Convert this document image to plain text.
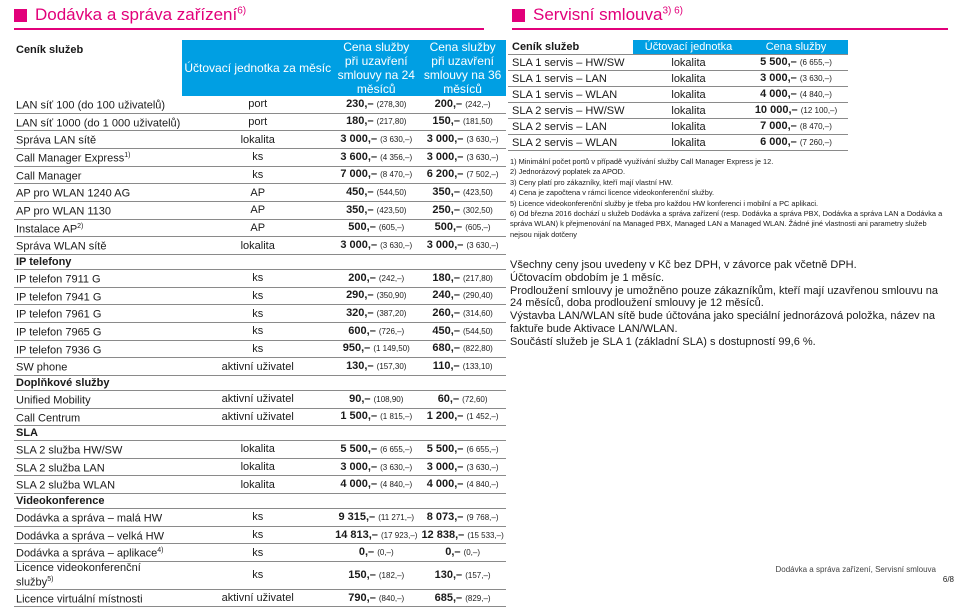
Dodávka a správa zařízení$^{6)}$	Servisní smlouva$^{3) 6)}$
Ceník služeb	Účtovací jednotka za měsíc	Cena služby při uzavření smlouvy na 24 měsíců	Cena služby při uzavření smlouvy na 36 měsíců
LAN síť 100 (do 100 uživatelů)	port	230,– (278,30)	200,– (242,–)
LAN síť 1000 (do 1 000 uživatelů)	port	180,– (217,80)	150,– (181,50)
Správa LAN sítě	lokalita	3 000,– (3 630,–)	3 000,– (3 630,–)
Call Manager Express$^{1)}$	ks	3 600,– (4 356,–)	3 000,– (3 630,–)
Call Manager	ks	7 000,– (8 470,–)	6 200,– (7 502,–)
AP pro WLAN 1240 AG	AP	450,– (544,50)	350,– (423,50)
AP pro WLAN 1130	AP	350,– (423,50)	250,– (302,50)
Instalace AP$^{2)}$	AP	500,– (605,–)	500,– (605,–)
Správa WLAN sítě	lokalita	3 000,– (3 630,–)	3 000,– (3 630,–)
IP telefony			
IP telefon 7911 G	ks	200,– (242,–)	180,– (217,80)
IP telefon 7941 G	ks	290,– (350,90)	240,– (290,40)
IP telefon 7961 G	ks	320,– (387,20)	260,– (314,60)
IP telefon 7965 G	ks	600,– (726,–)	450,– (544,50)
IP telefon 7936 G	ks	950,– (1 149,50)	680,– (822,80)
SW phone	aktivní uživatel	130,– (157,30)	110,– (133,10)
Doplňkové služby			
Unified Mobility	aktivní uživatel	90,– (108,90)	60,– (72,60)
Call Centrum	aktivní uživatel	1 500,– (1 815,–)	1 200,– (1 452,–)
SLA			
SLA 2 služba HW/SW	lokalita	5 500,– (6 655,–)	5 500,– (6 655,–)
SLA 2 služba LAN	lokalita	3 000,– (3 630,–)	3 000,– (3 630,–)
SLA 2 služba WLAN	lokalita	4 000,– (4 840,–)	4 000,– (4 840,–)
Videokonference			
Dodávka a správa – malá HW	ks	9 315,– (11 271,–)	8 073,– (9 768,–)
Dodávka a správa – velká HW	ks	14 813,– (17 923,–)	12 838,– (15 533,–)
Dodávka a správa – aplikace$^{4)}$	ks	0,– (0,–)	0,– (0,–)
Licence videokonferenční služby$^{5)}$	ks	150,– (182,–)	130,– (157,–)
Licence virtuální místnosti	aktivní uživatel	790,– (840,–)	685,– (829,–)
Ceník služeb	Účtovací jednotka	Cena služby
SLA 1 servis – HW/SW	lokalita	5 500,– (6 655,–)
SLA 1 servis – LAN	lokalita	3 000,– (3 630,–)
SLA 1 servis – WLAN	lokalita	4 000,– (4 840,–)
SLA 2 servis – HW/SW	lokalita	10 000,– (12 100,–)
SLA 2 servis – LAN	lokalita	7 000,– (8 470,–)
SLA 2 servis – WLAN	lokalita	6 000,– (7 260,–)
1) Minimální počet portů v případě využívání služby Call Manager Express je 12.
2) Jednorázový poplatek za APOD.
3) Ceny platí pro zákazníky, kteří mají vlastní HW.
4) Cena je započtena v rámci licence videokonferenční služby.
5) Licence videokonferenční služby je třeba pro každou HW konferenci i mobilní a PC aplikaci.
6) Od března 2016 dochází u služeb Dodávka a správa zařízení (resp. Dodávka a správa PBX, Dodávka a správa LAN a Dodávka a správa WLAN) k přejmenování na Managed PBX, Managed LAN a Managed WLAN. Žádné jiné vlastnosti ani parametry služeb nejsou nijak dotčeny

Všechny ceny jsou uvedeny v Kč bez DPH, v závorce pak včetně DPH.

Účtovacím obdobím je 1 měsíc.

Prodloužení smlouvy je umožněno pouze zákazníkům, kteří mají uzavřenou smlouvu na 24 měsíců, doba prodloužení smlouvy je 12 měsíců.

Výstavba LAN/WLAN sítě bude účtována jako speciální jednorázová položka, název na faktuře bude Aktivace LAN/WLAN.

Součástí služeb je SLA 1 (základní SLA) s dostupností 99,6 %.

Dodávka a správa zařízení, Servisní smlouva
6/8
